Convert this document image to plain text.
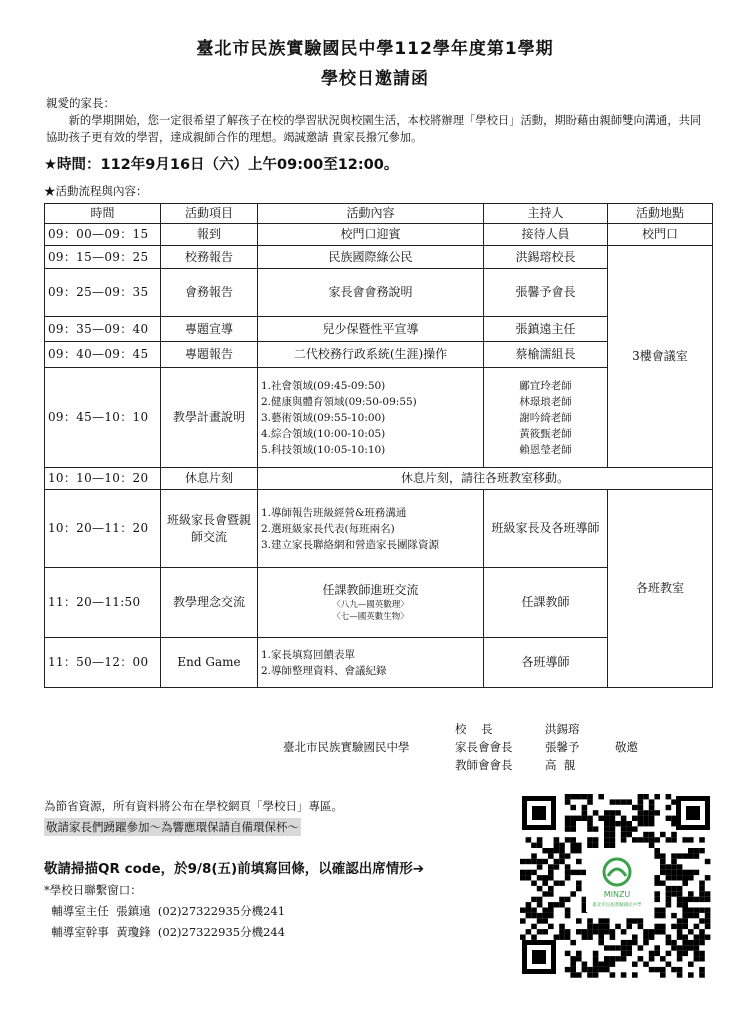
臺北市民族實驗國民中學112學年度第1學期
學校日邀請函
親愛的家長：
新的學期開始，您一定很希望了解孩子在校的學習狀況與校園生活，本校將辦理「學校日」活動，期盼藉由親師雙向溝通，共同協助孩子更有效的學習，達成親師合作的理想。竭誠邀請 貴家長撥冗參加。
★時間：112年9月16日（六）上午09:00至12:00。
★活動流程與內容：
時間	活動項目	活動內容	主持人	活動地點
09：00—09：15	報到	校門口迎賓	接待人員	校門口
09：15—09：25	校務報告	民族國際綠公民	洪錫瑢校長	3樓會議室
09：25—09：35	會務報告	家長會會務說明	張馨予會長	
09：35—09：40	專題宣導	兒少保暨性平宣導	張鎮遠主任	
09：40—09：45	專題報告	二代校務行政系統(生涯)操作	蔡榆濡組長	
09：45—10：10	教學計畫說明	1.社會領域(09:45-09:50)
2.健康與體育領域(09:50-09:55)
3.藝術領域(09:55-10:00)
4.綜合領域(10:00-10:05)
5.科技領域(10:05-10:10)	鄺宜玲老師
林璟琅老師
謝吟綺老師
黃筱甄老師
賴恩瑩老師	

10：10—10：20	休息片刻	休息片刻，請往各班教室移動。		
10：20—11：20	班級家長會暨親師交流	1.導師報告班級經營&班務溝通
2.選班級家長代表(每班兩名)
3.建立家長聯絡網和營造家長團隊資源	班級家長及各班導師	各班教室
11：20—11:50	教學理念交流	任課教師進班交流
〈八九—國英數理〉
〈七—國英數生物〉	任課教師	
11：50—12：00	End Game	1.家長填寫回饋表單
2.導師整理資料、會議紀錄	各班導師	
臺北市民族實驗國民中學
校    長
家長會會長
教師會會長
洪錫瑢
張馨予
高  靚
敬邀
為節省資源，所有資料將公布在學校網頁「學校日」專區。
敬請家長們踴躍參加～為響應環保請自備環保杯～
敬請掃描QR code，於9/8(五)前填寫回條，以確認出席情形➔
*學校日聯繫窗口：
輔導室主任  張鎮遠  (02)27322935分機241
輔導室幹事  黃瓊鋒  (02)27322935分機244
MINZU
臺北市民族實驗國民中學
